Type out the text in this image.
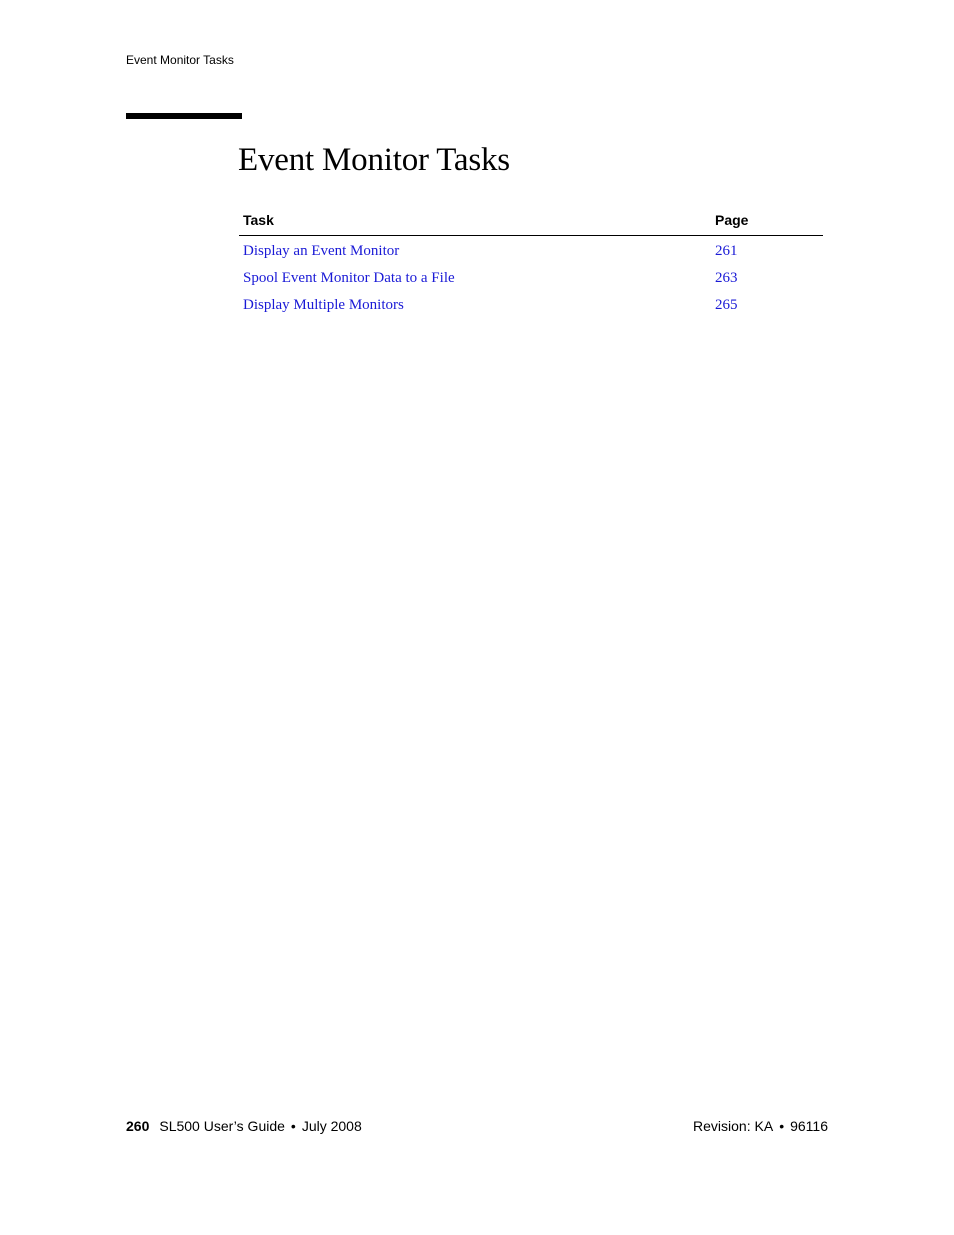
Event Monitor Tasks
Event Monitor Tasks
Task	Page
Display an Event Monitor	261
Spool Event Monitor Data to a File	263
Display Multiple Monitors	265
260 SL500 User’s Guide • July 2008	Revision: KA • 96116
